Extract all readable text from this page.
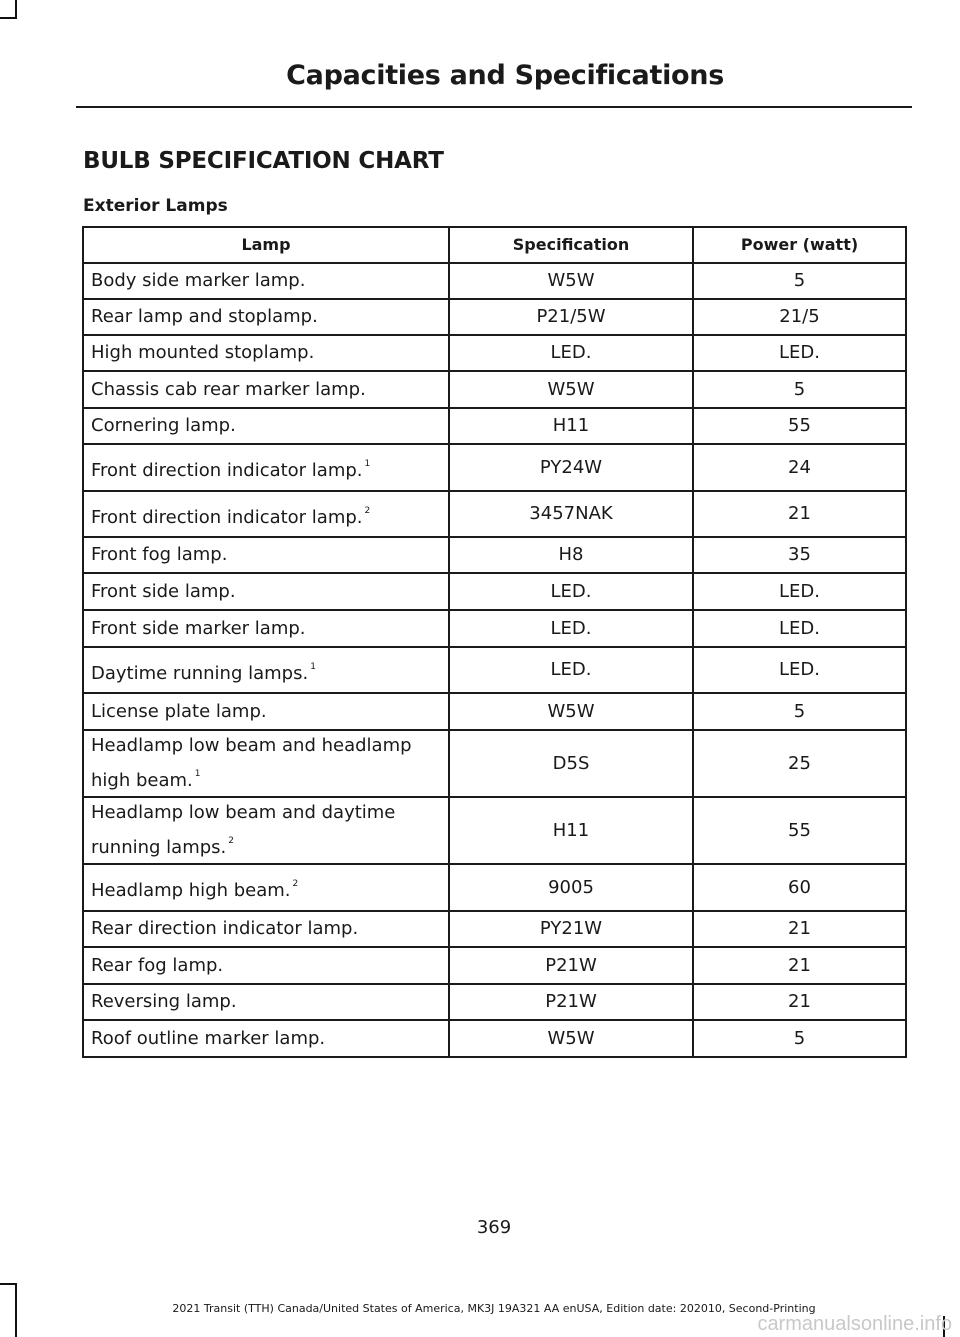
Capacities and Specifications
BULB SPECIFICATION CHART
Exterior Lamps
Lamp	Specification	Power (watt)
Body side marker lamp.	W5W	5
Rear lamp and stoplamp.	P21/5W	21/5
High mounted stoplamp.	LED.	LED.
Chassis cab rear marker lamp.	W5W	5
Cornering lamp.	H11	55
Front direction indicator lamp. $^1$	PY24W	24
Front direction indicator lamp. $^2$	3457NAK	21
Front fog lamp.	H8	35
Front side lamp.	LED.	LED.
Front side marker lamp.	LED.	LED.
Daytime running lamps. $^1$	LED.	LED.
License plate lamp.	W5W	5
Headlamp low beam and headlamp high beam. $^1$	D5S	25
Headlamp low beam and daytime running lamps. $^2$	H11	55
Headlamp high beam. $^2$	9005	60
Rear direction indicator lamp.	PY21W	21
Rear fog lamp.	P21W	21
Reversing lamp.	P21W	21
Roof outline marker lamp.	W5W	5
369
2021 Transit (TTH) Canada/United States of America, MK3J 19A321 AA enUSA, Edition date: 202010, Second-Printing
carmanualsonline.info
